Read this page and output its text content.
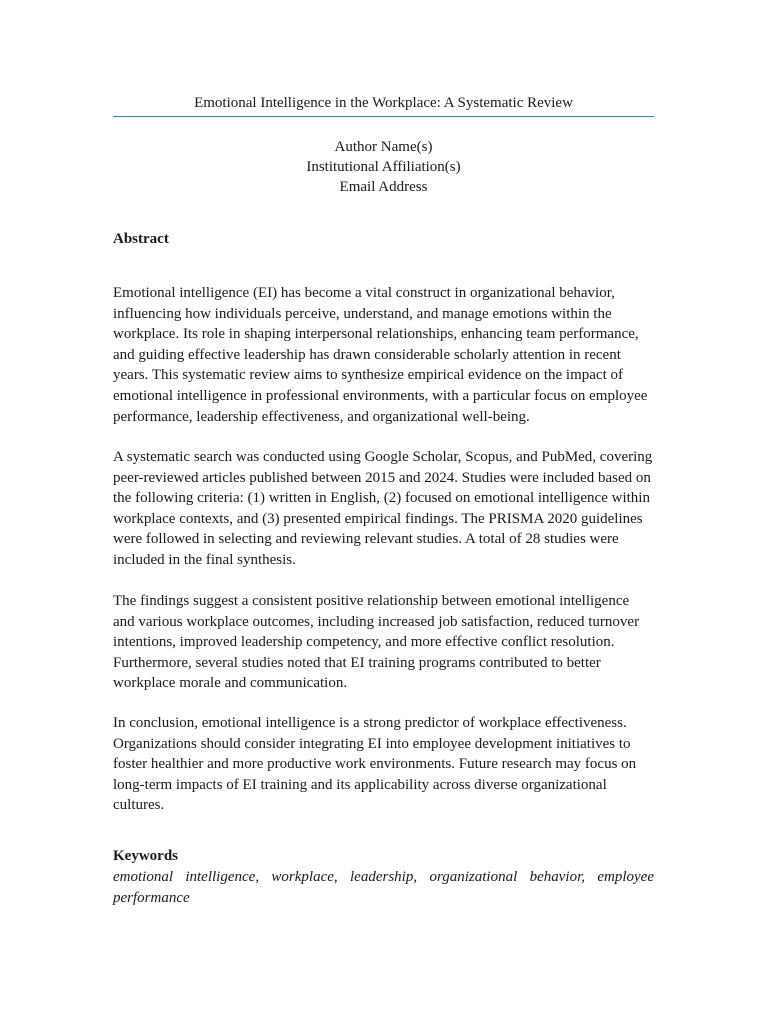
Emotional Intelligence in the Workplace: A Systematic Review
Author Name(s)
Institutional Affiliation(s)
Email Address
Abstract

Emotional intelligence (EI) has become a vital construct in organizational behavior, influencing how individuals perceive, understand, and manage emotions within the workplace. Its role in shaping interpersonal relationships, enhancing team performance, and guiding effective leadership has drawn considerable scholarly attention in recent years. This systematic review aims to synthesize empirical evidence on the impact of emotional intelligence in professional environments, with a particular focus on employee performance, leadership effectiveness, and organizational well-being.

A systematic search was conducted using Google Scholar, Scopus, and PubMed, covering peer-reviewed articles published between 2015 and 2024. Studies were included based on the following criteria: (1) written in English, (2) focused on emotional intelligence within workplace contexts, and (3) presented empirical findings. The PRISMA 2020 guidelines were followed in selecting and reviewing relevant studies. A total of 28 studies were included in the final synthesis.

The findings suggest a consistent positive relationship between emotional intelligence and various workplace outcomes, including increased job satisfaction, reduced turnover intentions, improved leadership competency, and more effective conflict resolution. Furthermore, several studies noted that EI training programs contributed to better workplace morale and communication.

In conclusion, emotional intelligence is a strong predictor of workplace effectiveness. Organizations should consider integrating EI into employee development initiatives to foster healthier and more productive work environments. Future research may focus on long-term impacts of EI training and its applicability across diverse organizational cultures.

Keywords
emotional intelligence, workplace, leadership, organizational behavior, employee performance
